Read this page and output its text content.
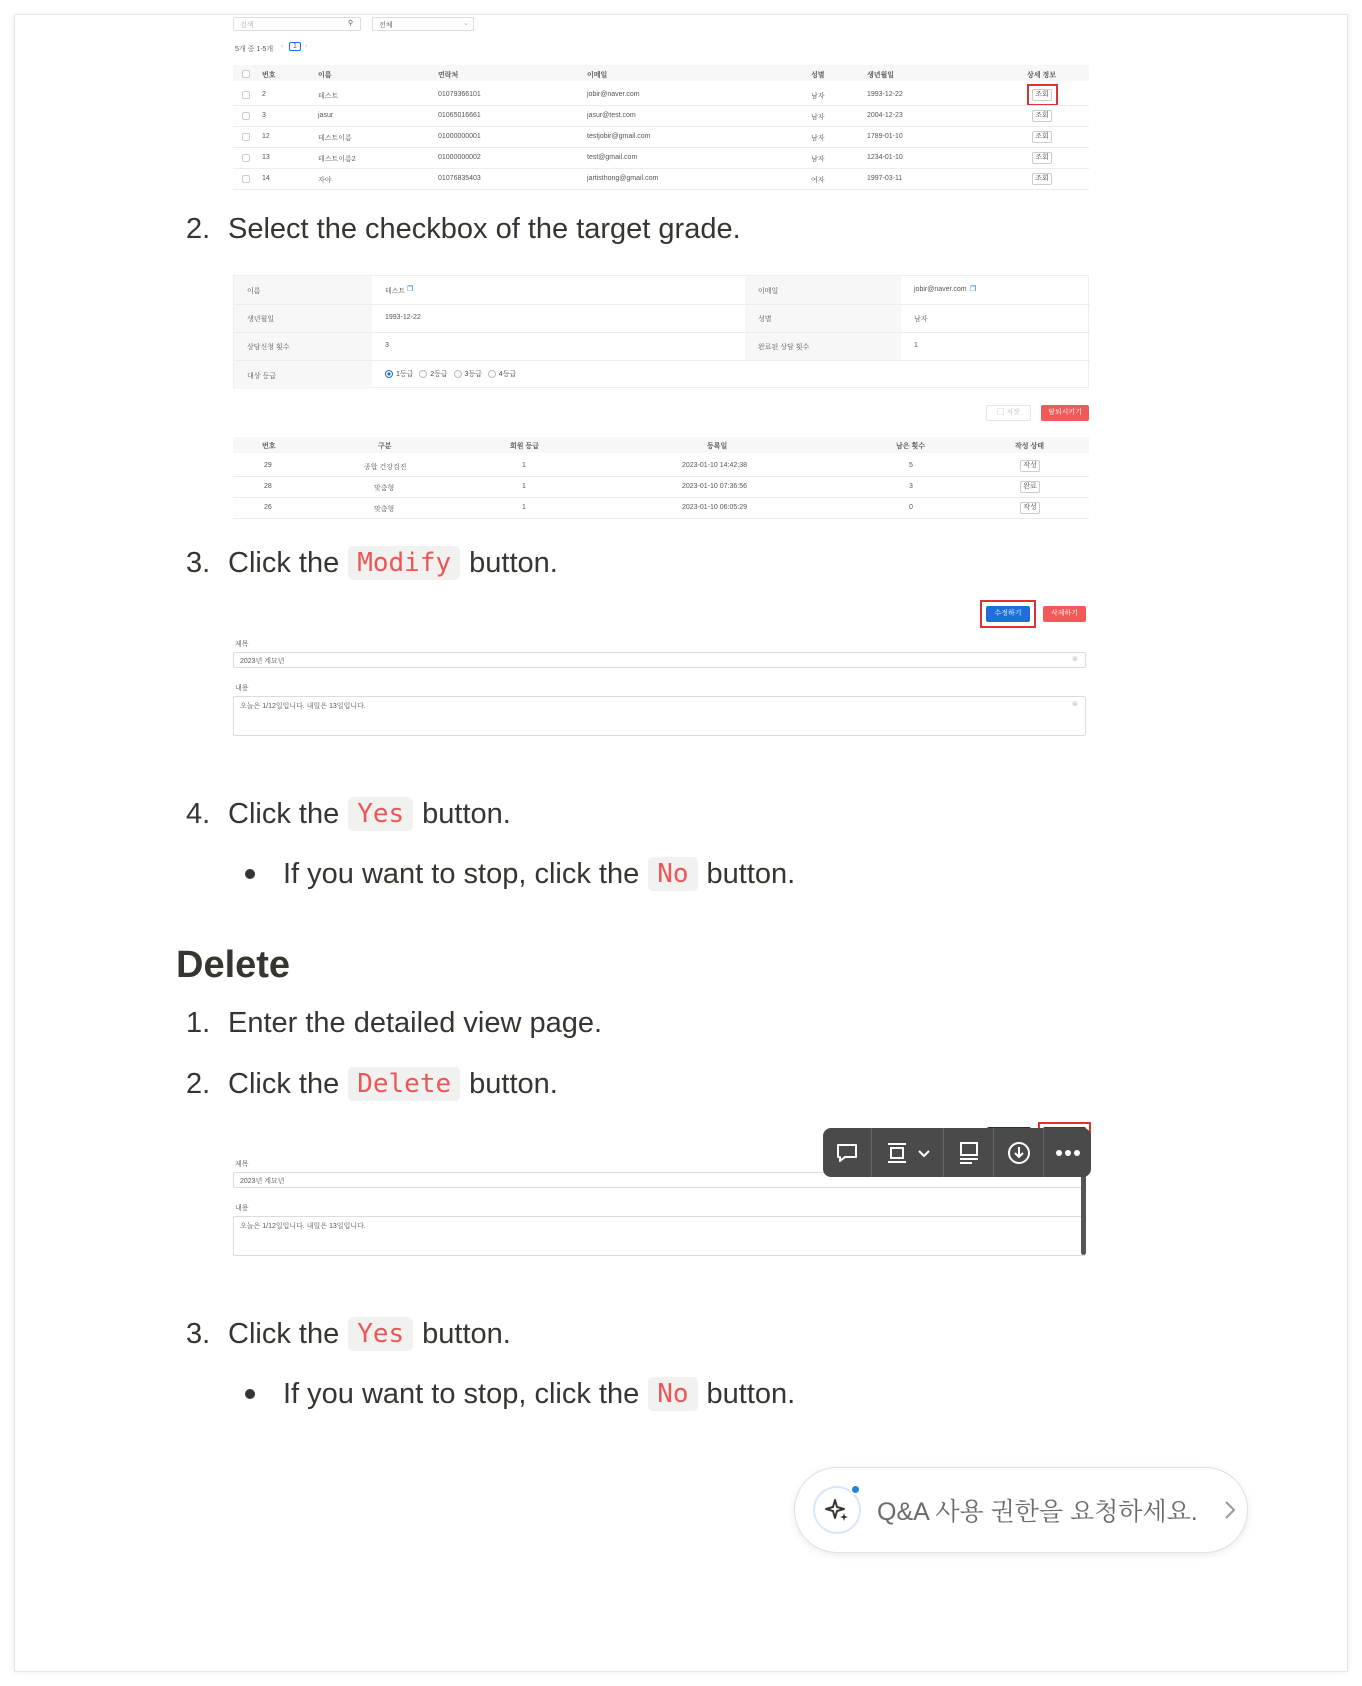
검색	⚲	전체	⌄
5개 중 1-5개 ‹	1	›
번호	이름	연락처	이메일	성별	생년월일	상세 정보
2	테스트	01079366101	jobir@naver.com	남자	1993-12-22	조회
3	jasur	01065016661	jasur@test.com	남자	2004-12-23	조회
12	테스트이름	01000000001	testjobir@gmail.com	남자	1789-01-10	조회
13	테스트이름2	01000000002	test@gmail.com	남자	1234-01-10	조회
14	자야	01076835403	jartisthong@gmail.com	여자	1997-03-11	조회
2. Select the checkbox of the target grade.
이름	테스트 ❐	이메일	jobir@naver.com ❐
생년월일	1993-12-22	성별	남자
상담신청 횟수	3	완료된 상담 횟수	1
대상 등급	1등급 2등급 3등급 4등급
▢ 저장	탈퇴시키기
번호	구분	회원 등급	등록일	남은 횟수	작성 상태
29	종합 건강검진	1	2023-01-10 14:42:38	5	작성
28	맞춤형	1	2023-01-10 07:36:56	3	완료
26	맞춤형	1	2023-01-10 06:05:29	0	작성
3. Click the Modify button.
수정하기	삭제하기
제목
2023년 계묘년	⊗
내용
오늘은 1/12일입니다. 내일은 13일입니다.	⊗
4. Click the Yes button.
If you want to stop, click the No button.
Delete
1. Enter the detailed view page.
2. Click the Delete button.
제목
2023년 계묘년
내용
오늘은 1/12일입니다. 내일은 13일입니다.
3. Click the Yes button.
If you want to stop, click the No button.
Q&A 사용 권한을 요청하세요.
